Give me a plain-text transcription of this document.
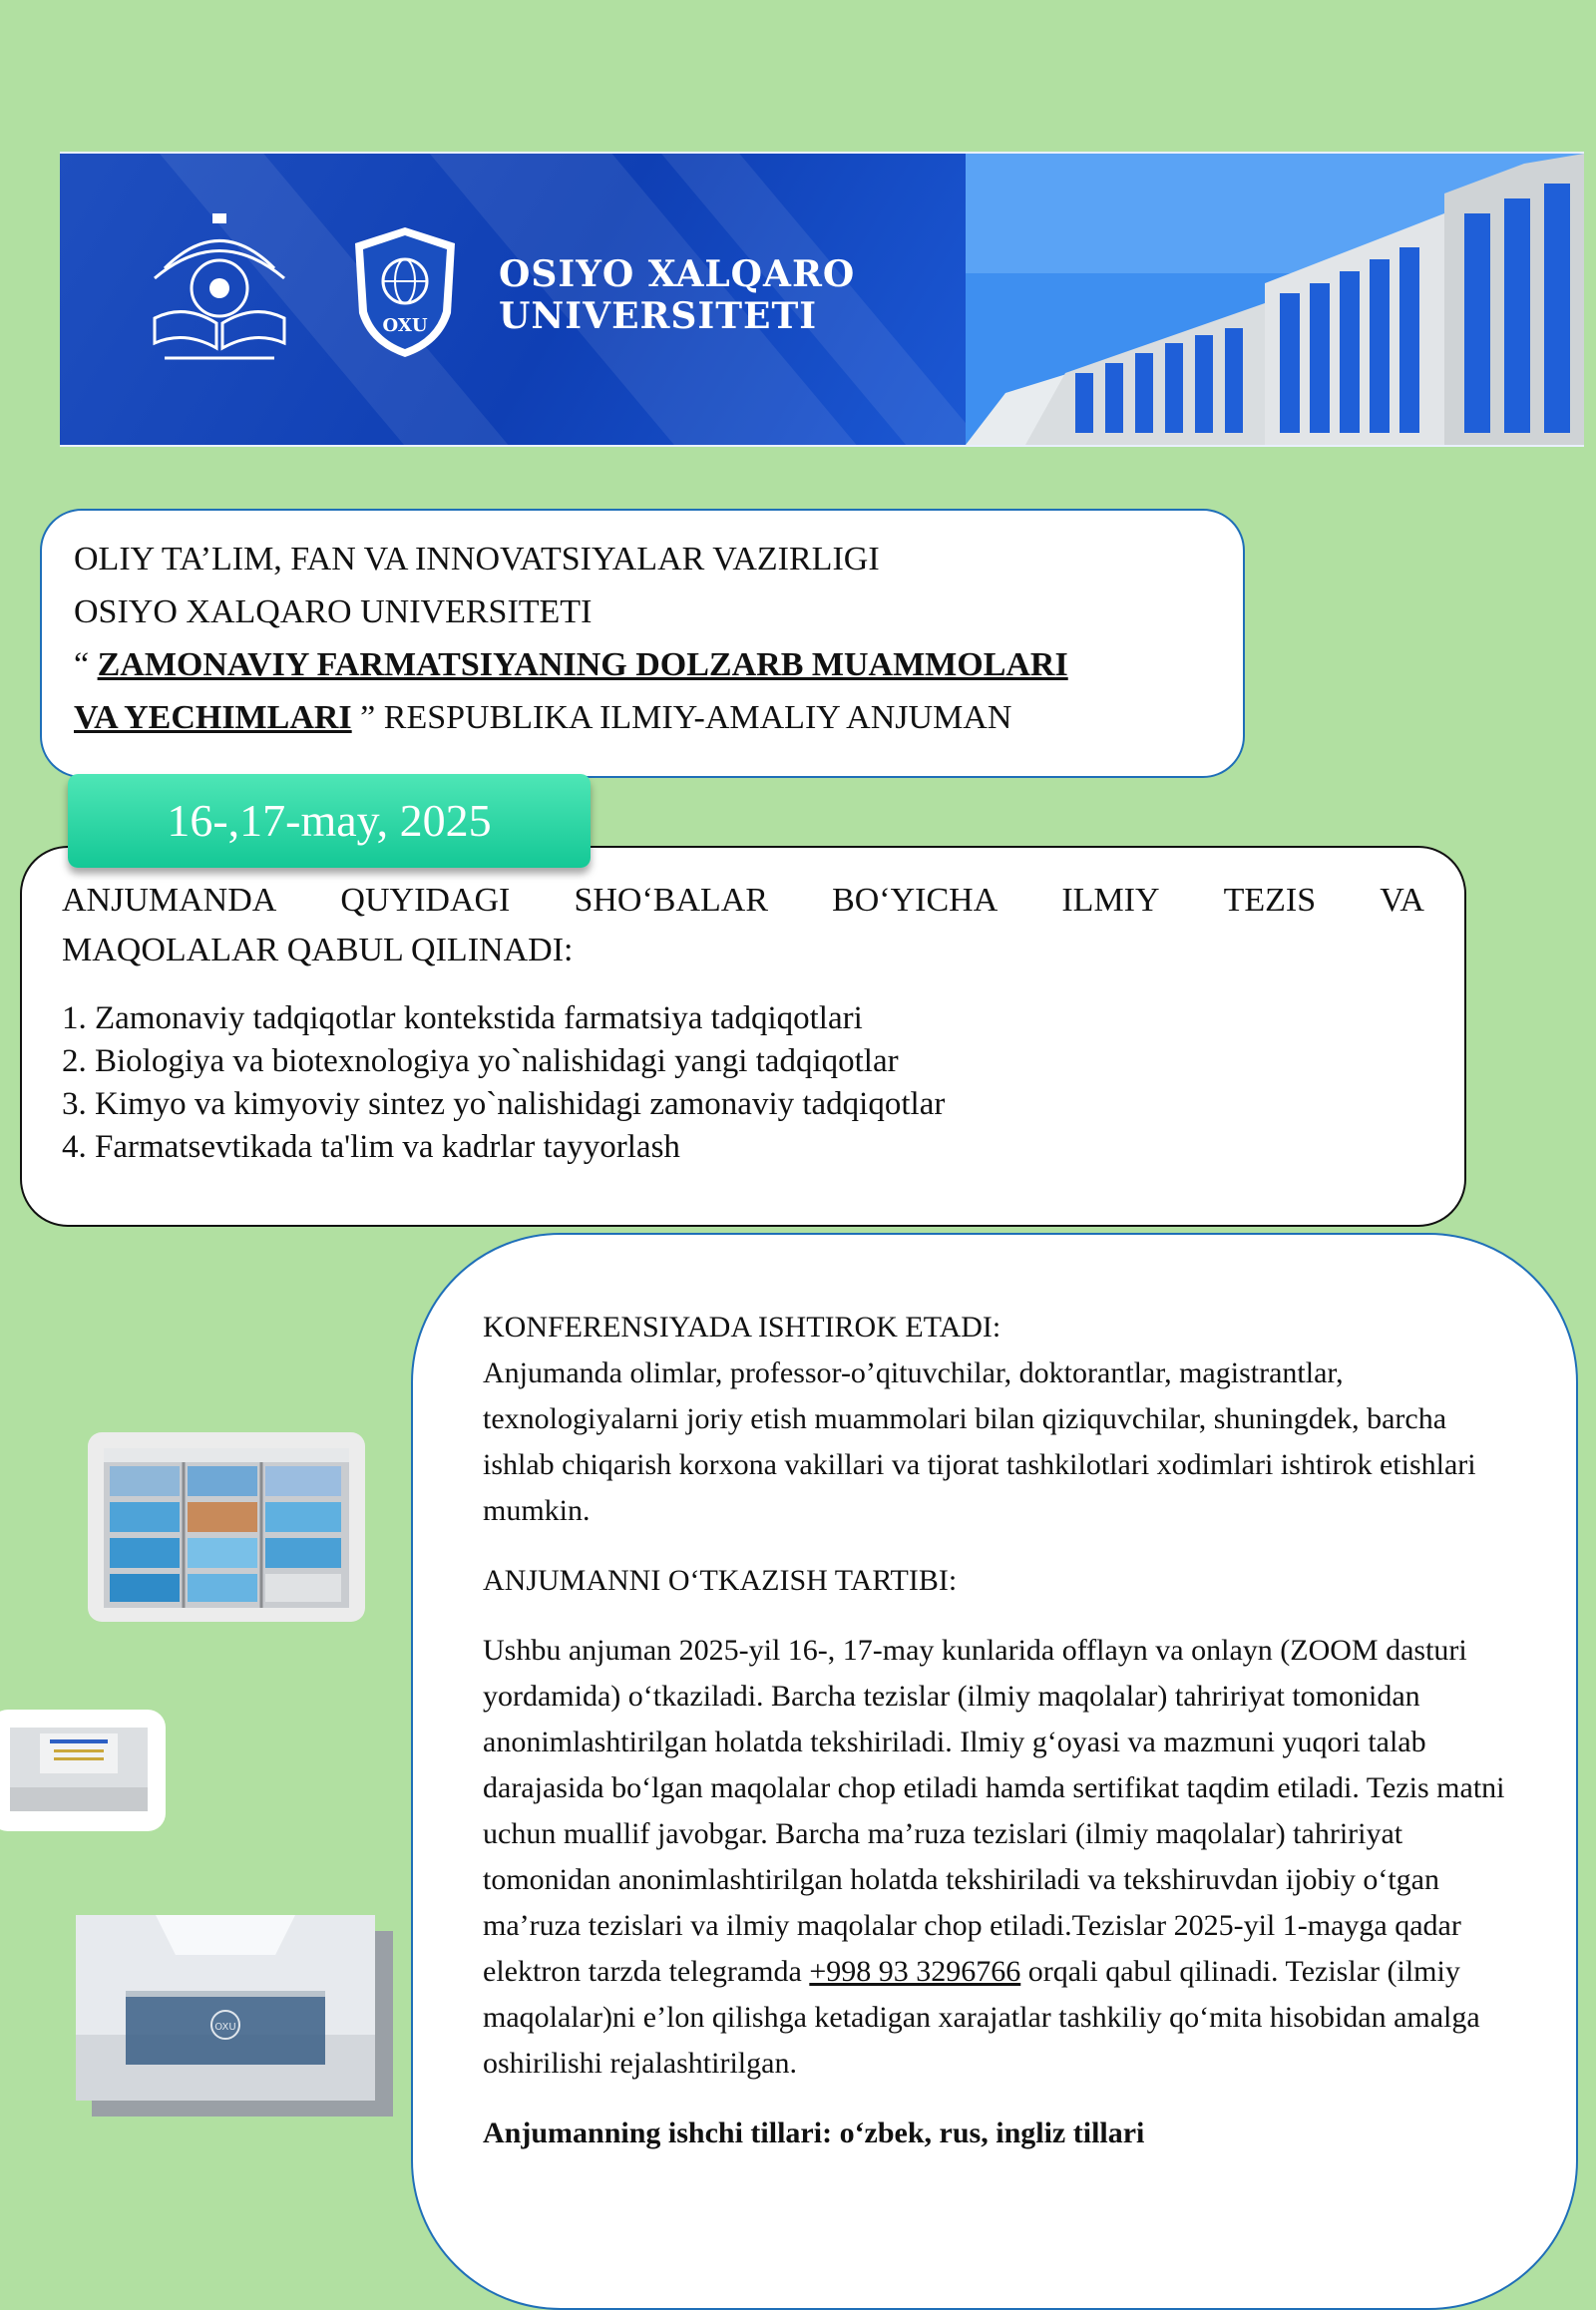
OXU
OSIYO XALQARO
UNIVERSITETI
OLIY TA’LIM, FAN VA INNOVATSIYALAR VAZIRLIGI
OSIYO XALQARO UNIVERSITETI
“ ZAMONAVIY FARMATSIYANING DOLZARB MUAMMOLARI
VA YECHIMLARI ” RESPUBLIKA ILMIY-AMALIY ANJUMAN
16-,17-may, 2025
ANJUMANDA QUYIDAGI SHO‘BALAR BO‘YICHA ILMIY TEZIS VA
MAQOLALAR QABUL QILINADI:
1. Zamonaviy tadqiqotlar kontekstida farmatsiya tadqiqotlari
2. Biologiya va biotexnologiya yo`nalishidagi yangi tadqiqotlar
3. Kimyo va kimyoviy sintez yo`nalishidagi zamonaviy tadqiqotlar
4. Farmatsevtikada ta'lim va kadrlar tayyorlash
OXU

KONFERENSIYADA ISHTIROK ETADI:

Anjumanda olimlar, professor-o’qituvchilar, doktorantlar, magistrantlar, texnologiyalarni joriy etish muammolari bilan qiziquvchilar, shuningdek, barcha ishlab chiqarish korxona vakillari va tijorat tashkilotlari xodimlari ishtirok etishlari mumkin.

ANJUMANNI O‘TKAZISH TARTIBI:

Ushbu anjuman 2025-yil 16-, 17-may kunlarida offlayn va onlayn (ZOOM dasturi yordamida) o‘tkaziladi. Barcha tezislar (ilmiy maqolalar) tahririyat tomonidan anonimlashtirilgan holatda tekshiriladi. Ilmiy g‘oyasi va mazmuni yuqori talab darajasida bo‘lgan maqolalar chop etiladi hamda sertifikat taqdim etiladi. Tezis matni uchun muallif javobgar. Barcha ma’ruza tezislari (ilmiy maqolalar) tahririyat tomonidan anonimlashtirilgan holatda tekshiriladi va tekshiruvdan ijobiy o‘tgan ma’ruza tezislari va ilmiy maqolalar chop etiladi.Tezislar 2025-yil 1-mayga qadar elektron tarzda telegramda +998 93 3296766 orqali qabul qilinadi. Tezislar (ilmiy maqolalar)ni e’lon qilishga ketadigan xarajatlar tashkiliy qo‘mita hisobidan amalga oshirilishi rejalashtirilgan.

Anjumanning ishchi tillari: o‘zbek, rus, ingliz tillari
